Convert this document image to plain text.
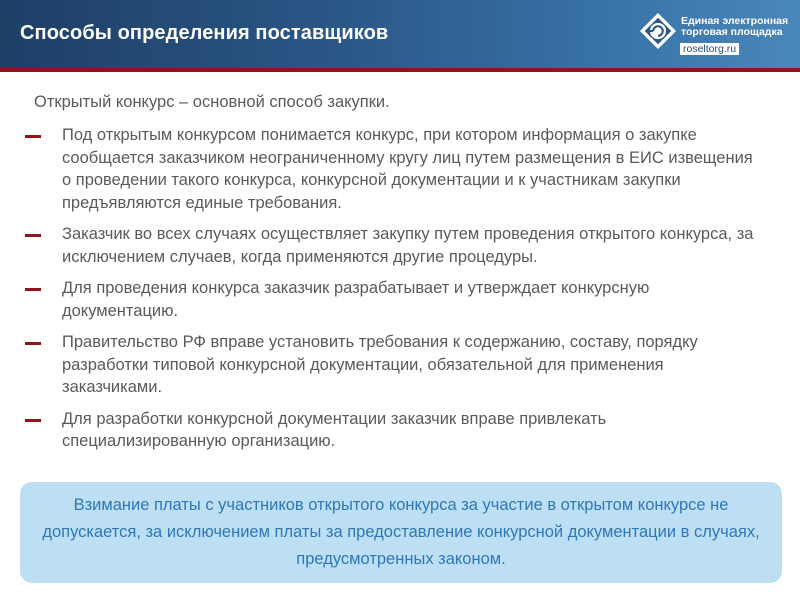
Способы определения поставщиков
Единая электронная
торговая площадка
roseltorg.ru
Открытый конкурс – основной способ закупки.
Под открытым конкурсом понимается конкурс, при котором информация о закупке сообщается заказчиком неограниченному кругу лиц путем размещения в ЕИС извещения о проведении такого конкурса, конкурсной документации и к участникам закупки предъявляются единые требования.
Заказчик во всех случаях осуществляет закупку путем проведения открытого конкурса, за исключением случаев, когда применяются другие процедуры.
Для проведения конкурса заказчик разрабатывает и утверждает конкурсную документацию.
Правительство РФ вправе установить требования к содержанию, составу, порядку разработки типовой конкурсной документации, обязательной для применения заказчиками.
Для разработки конкурсной документации заказчик вправе привлекать специализированную организацию.
Взимание платы с участников открытого конкурса за участие в открытом конкурсе не допускается, за исключением платы за предоставление конкурсной документации в случаях, предусмотренных законом.
